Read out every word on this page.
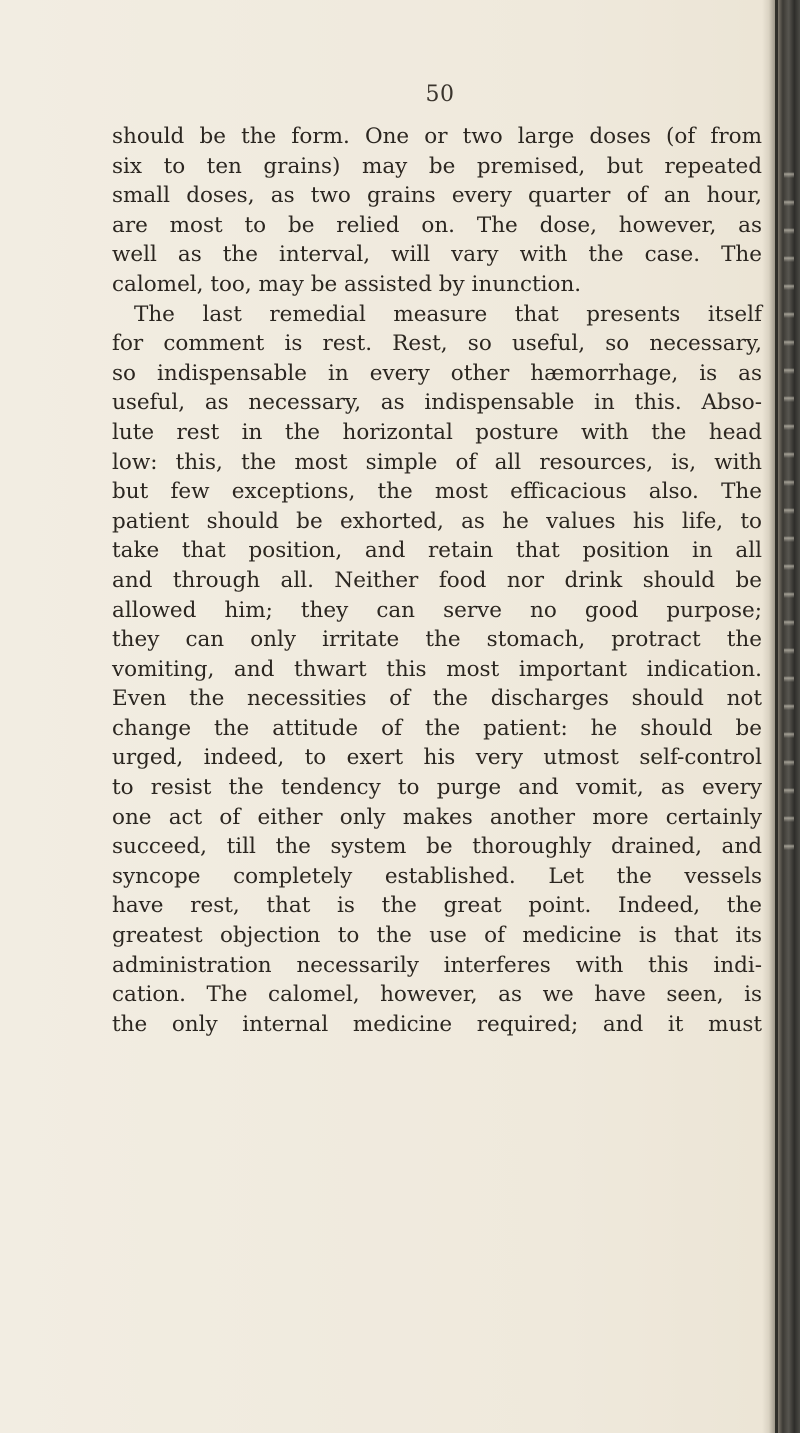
50
should be the form. One or two large doses (of from
six to ten grains) may be premised, but repeated
small doses, as two grains every quarter of an hour,
are most to be relied on. The dose, however, as
well as the interval, will vary with the case. The
calomel, too, may be assisted by inunction.
The last remedial measure that presents itself
for comment is rest. Rest, so useful, so necessary,
so indispensable in every other hæmorrhage, is as
useful, as necessary, as indispensable in this. Abso-
lute rest in the horizontal posture with the head
low: this, the most simple of all resources, is, with
but few exceptions, the most efficacious also. The
patient should be exhorted, as he values his life, to
take that position, and retain that position in all
and through all. Neither food nor drink should be
allowed him; they can serve no good purpose;
they can only irritate the stomach, protract the
vomiting, and thwart this most important indication.
Even the necessities of the discharges should not
change the attitude of the patient: he should be
urged, indeed, to exert his very utmost self-control
to resist the tendency to purge and vomit, as every
one act of either only makes another more certainly
succeed, till the system be thoroughly drained, and
syncope completely established. Let the vessels
have rest, that is the great point. Indeed, the
greatest objection to the use of medicine is that its
administration necessarily interferes with this indi-
cation. The calomel, however, as we have seen, is
the only internal medicine required; and it must
